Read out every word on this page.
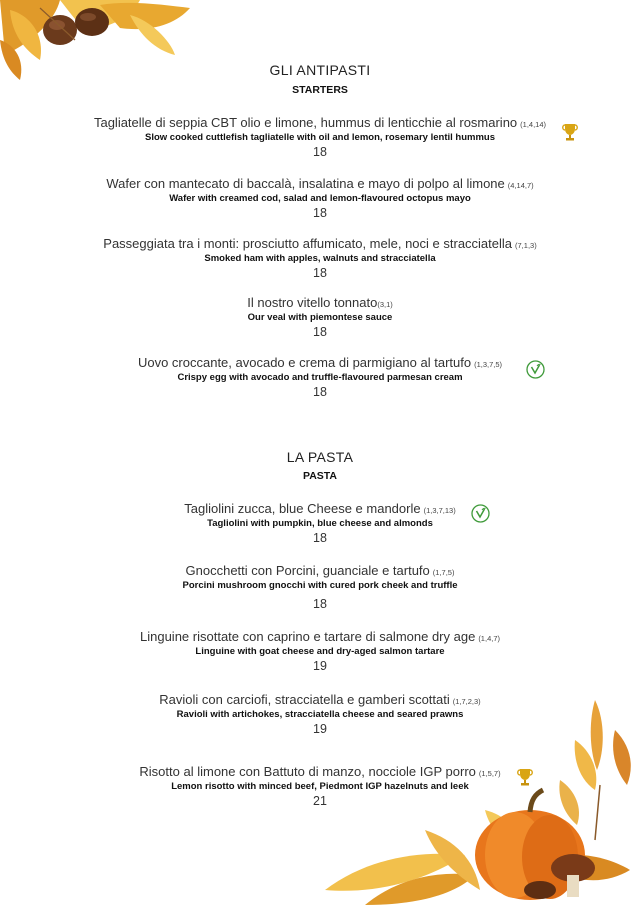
GLI ANTIPASTI
STARTERS
Tagliatelle di seppia CBT olio e limone, hummus di lenticchie al rosmarino (1,4,14)
Slow cooked cuttlefish tagliatelle with oil and lemon, rosemary lentil hummus
18
Wafer con mantecato di baccalà, insalatina e mayo di polpo al limone (4,14,7)
Wafer with creamed cod, salad and lemon-flavoured octopus mayo
18
Passeggiata tra i monti: prosciutto affumicato, mele, noci e stracciatella (7,1,3)
Smoked ham with apples, walnuts and stracciatella
18
Il nostro vitello tonnato(3,1)
Our veal with piemontese sauce
18
Uovo croccante, avocado e crema di parmigiano al tartufo (1,3,7,5)
Crispy egg with avocado and truffle-flavoured parmesan cream
18
LA PASTA
PASTA
Tagliolini zucca, blue Cheese e mandorle (1,3,7,13)
Tagliolini with pumpkin, blue cheese and almonds
18
Gnocchetti con Porcini, guanciale e tartufo (1,7,5)
Porcini mushroom gnocchi with cured pork cheek and truffle
18
Linguine risottate con caprino e tartare di salmone dry age (1,4,7)
Linguine with goat cheese and dry-aged salmon tartare
19
Ravioli con carciofi, stracciatella e gamberi scottati (1,7,2,3)
Ravioli with artichokes, stracciatella cheese and seared prawns
19
Risotto al limone con Battuto di manzo, nocciole IGP porro (1,5,7)
Lemon risotto with minced beef, Piedmont IGP hazelnuts and leek
21
